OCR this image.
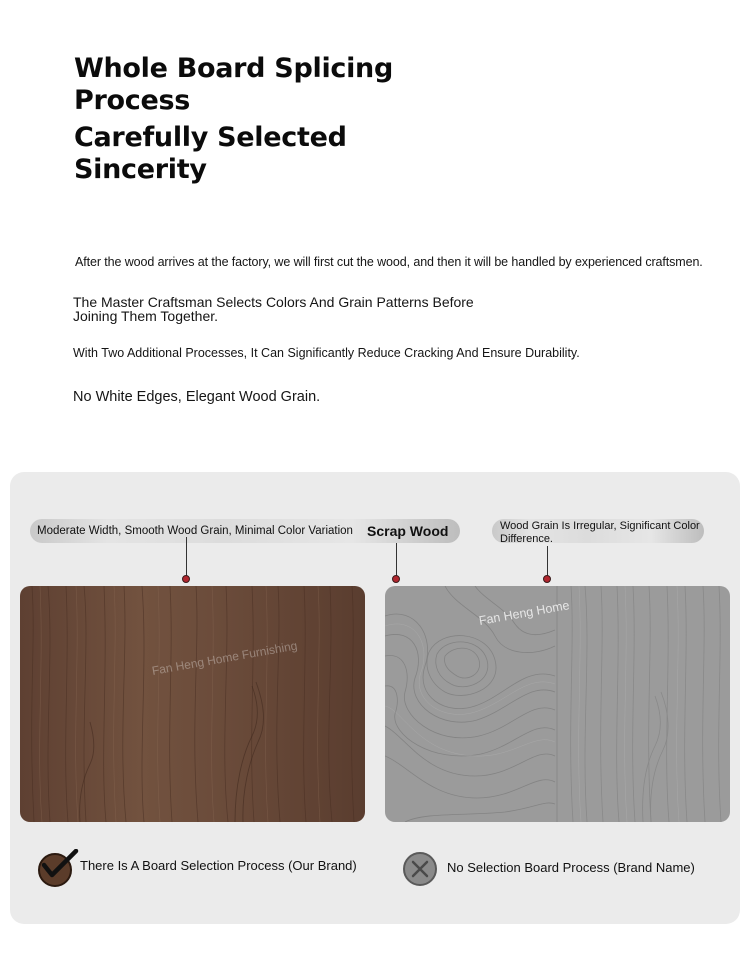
Whole Board Splicing Process
Carefully Selected Sincerity

After the wood arrives at the factory, we will first cut the wood, and then it will be handled by experienced craftsmen.

The Master Craftsman Selects Colors And Grain Patterns Before Joining Them Together.

With Two Additional Processes, It Can Significantly Reduce Cracking And Ensure Durability.

No White Edges, Elegant Wood Grain.

Moderate Width, Smooth Wood Grain, Minimal Color Variation Scrap Wood	Wood Grain Is Irregular, Significant Color Difference.

Fan Heng Home Furnishing

Fan Heng Home

There Is A Board Selection Process (Our Brand)	No Selection Board Process (Brand Name)
